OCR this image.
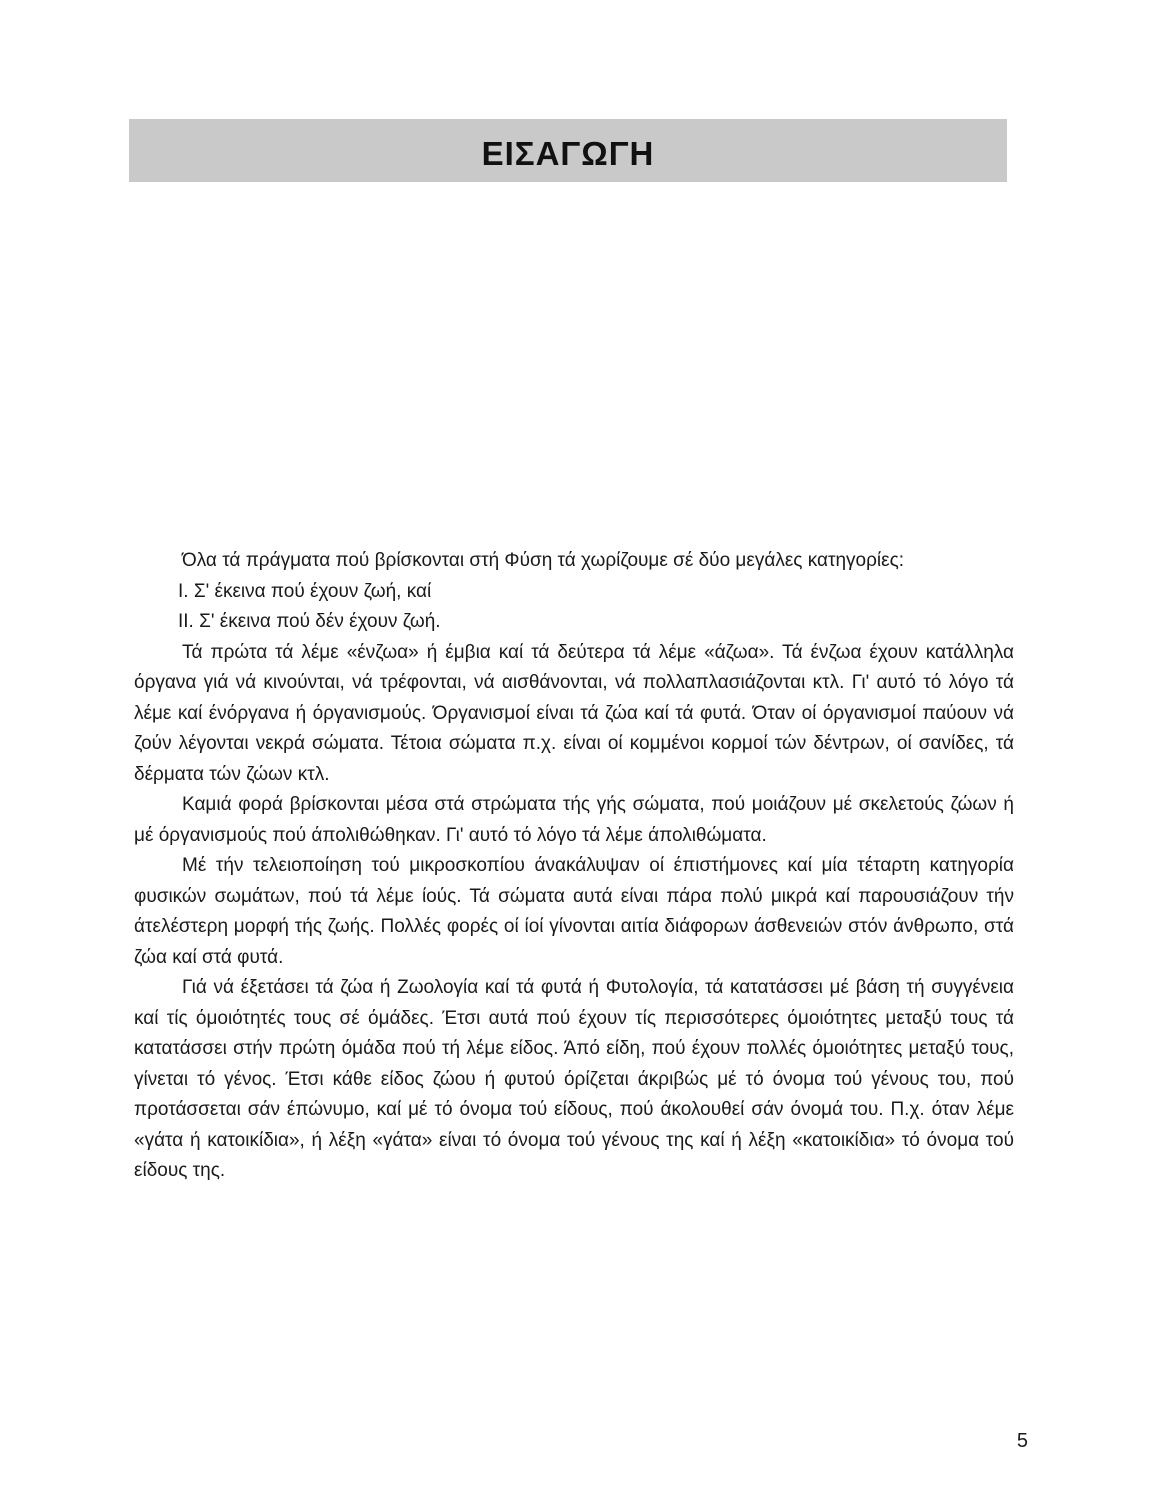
ΕΙΣΑΓΩΓΗ

Όλα τά πράγματα πού βρίσκονται στή Φύση τά χωρίζουμε σέ δύο μεγάλες κατηγορίες:

Ι. Σ' έκεινα πού έχουν ζωή, καί

ΙΙ. Σ' έκεινα πού δέν έχουν ζωή.

Τά πρώτα τά λέμε «ένζωα» ή έμβια καί τά δεύτερα τά λέμε «άζωα». Τά ένζωα έχουν κατάλληλα όργανα γιά νά κινούνται, νά τρέφονται, νά αισθάνονται, νά πολλαπλασιάζονται κτλ. Γι' αυτό τό λόγο τά λέμε καί ένόργανα ή όργανισμούς. Όργανισμοί είναι τά ζώα καί τά φυτά. Όταν οί όργανισμοί παύουν νά ζούν λέγονται νεκρά σώματα. Τέτοια σώματα π.χ. είναι οί κομμένοι κορμοί τών δέντρων, οί σανίδες, τά δέρματα τών ζώων κτλ.

Καμιά φορά βρίσκονται μέσα στά στρώματα τής γής σώματα, πού μοιάζουν μέ σκελετούς ζώων ή μέ όργανισμούς πού άπολιθώθηκαν. Γι' αυτό τό λόγο τά λέμε άπολιθώματα.

Μέ τήν τελειοποίηση τού μικροσκοπίου άνακάλυψαν οί έπιστήμονες καί μία τέταρτη κατηγορία φυσικών σωμάτων, πού τά λέμε ίούς. Τά σώματα αυτά είναι πάρα πολύ μικρά καί παρουσιάζουν τήν άτελέστερη μορφή τής ζωής. Πολλές φορές οί ίοί γίνονται αιτία διάφορων άσθενειών στόν άνθρωπο, στά ζώα καί στά φυτά.

Γιά νά έξετάσει τά ζώα ή Ζωολογία καί τά φυτά ή Φυτολογία, τά κατατάσσει μέ βάση τή συγγένεια καί τίς όμοιότητές τους σέ όμάδες. Έτσι αυτά πού έχουν τίς περισσότερες όμοιότητες μεταξύ τους τά κατατάσσει στήν πρώτη όμάδα πού τή λέμε είδος. Άπό είδη, πού έχουν πολλές όμοιότητες μεταξύ τους, γίνεται τό γένος. Έτσι κάθε είδος ζώου ή φυτού όρίζεται άκριβώς μέ τό όνομα τού γένους του, πού προτάσσεται σάν έπώνυμο, καί μέ τό όνομα τού είδους, πού άκολουθεί σάν όνομά του. Π.χ. όταν λέμε «γάτα ή κατοικίδια», ή λέξη «γάτα» είναι τό όνομα τού γένους της καί ή λέξη «κατοικίδια» τό όνομα τού είδους της.

5
